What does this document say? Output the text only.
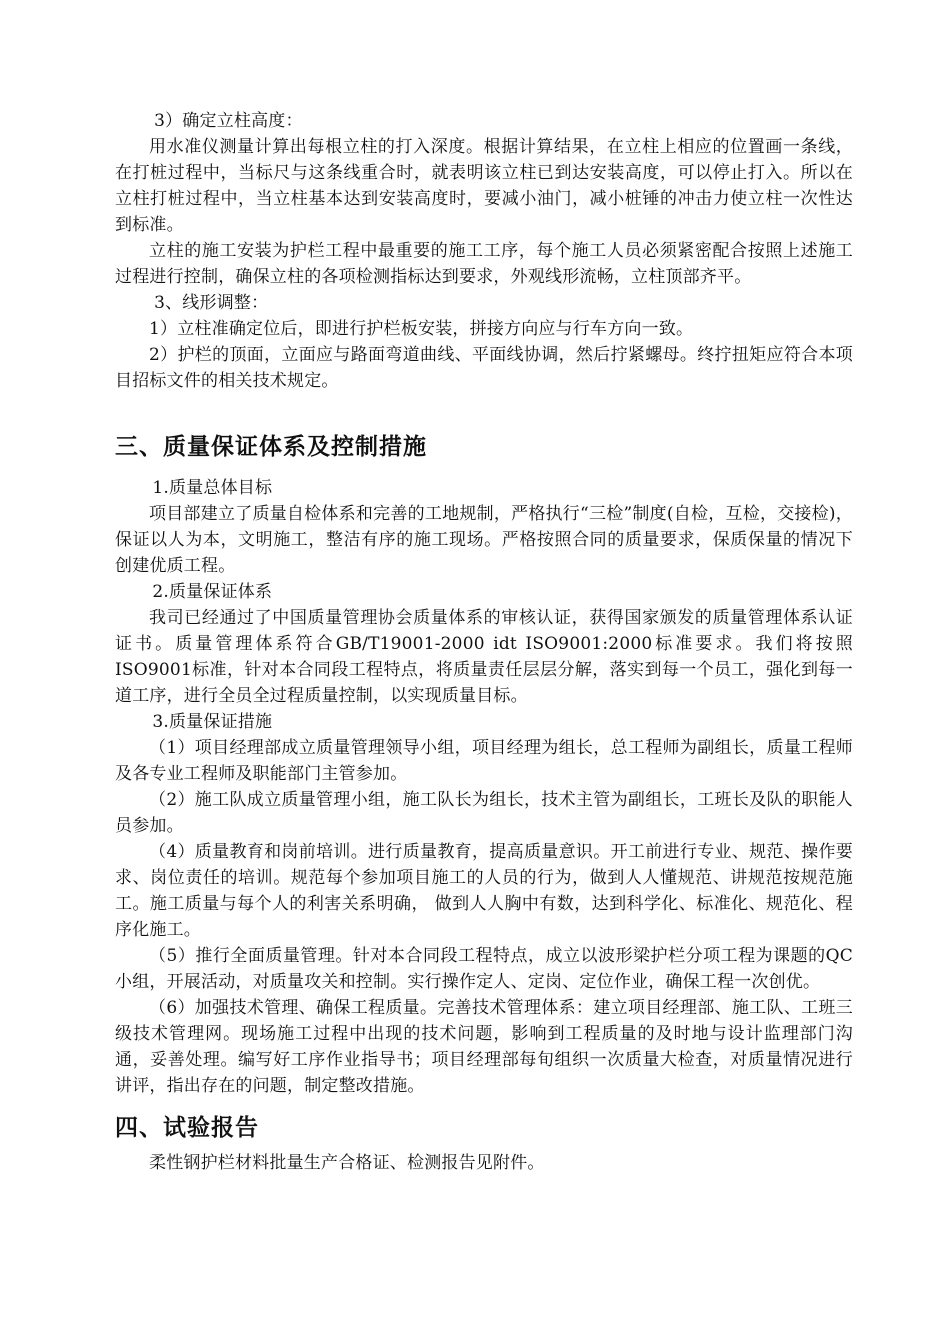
3）确定立柱高度：

用水准仪测量计算出每根立柱的打入深度。根据计算结果，在立柱上相应的位置画一条线，在打桩过程中，当标尺与这条线重合时，就表明该立柱已到达安装高度，可以停止打入。所以在立柱打桩过程中，当立柱基本达到安装高度时，要减小油门，减小桩锤的冲击力使立柱一次性达到标准。

立柱的施工安装为护栏工程中最重要的施工工序，每个施工人员必须紧密配合按照上述施工过程进行控制，确保立柱的各项检测指标达到要求，外观线形流畅，立柱顶部齐平。

3、线形调整：

1）立柱准确定位后，即进行护栏板安装，拼接方向应与行车方向一致。

2）护栏的顶面，立面应与路面弯道曲线、平面线协调，然后拧紧螺母。终拧扭矩应符合本项目招标文件的相关技术规定。

三、质量保证体系及控制措施

1.质量总体目标

项目部建立了质量自检体系和完善的工地规制，严格执行“三检”制度(自检，互检，交接检)，保证以人为本，文明施工，整洁有序的施工现场。严格按照合同的质量要求，保质保量的情况下创建优质工程。

2.质量保证体系

我司已经通过了中国质量管理协会质量体系的审核认证，获得国家颁发的质量管理体系认证证书。质量管理体系符合GB/T19001-2000 idt ISO9001:2000标准要求。我们将按照ISO9001标准，针对本合同段工程特点，将质量责任层层分解，落实到每一个员工，强化到每一道工序，进行全员全过程质量控制，以实现质量目标。

3.质量保证措施

（1）项目经理部成立质量管理领导小组，项目经理为组长，总工程师为副组长，质量工程师及各专业工程师及职能部门主管参加。

（2）施工队成立质量管理小组，施工队长为组长，技术主管为副组长，工班长及队的职能人员参加。

（4）质量教育和岗前培训。进行质量教育，提高质量意识。开工前进行专业、规范、操作要求、岗位责任的培训。规范每个参加项目施工的人员的行为，做到人人懂规范、讲规范按规范施工。施工质量与每个人的利害关系明确， 做到人人胸中有数，达到科学化、标准化、规范化、程序化施工。

（5）推行全面质量管理。针对本合同段工程特点，成立以波形梁护栏分项工程为课题的QC小组，开展活动，对质量攻关和控制。实行操作定人、定岗、定位作业，确保工程一次创优。

（6）加强技术管理、确保工程质量。完善技术管理体系：建立项目经理部、施工队、工班三级技术管理网。现场施工过程中出现的技术问题，影响到工程质量的及时地与设计监理部门沟通，妥善处理。编写好工序作业指导书；项目经理部每旬组织一次质量大检查，对质量情况进行讲评，指出存在的问题，制定整改措施。

四、试验报告

柔性钢护栏材料批量生产合格证、检测报告见附件。
